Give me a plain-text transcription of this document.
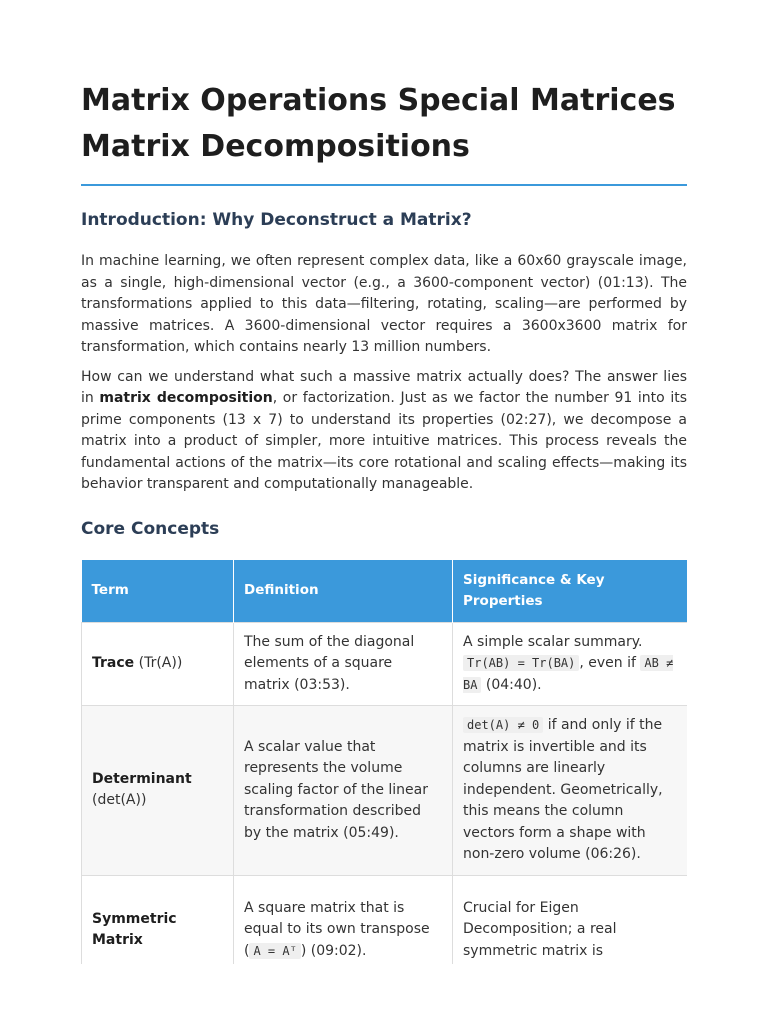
Matrix Operations Special Matrices Matrix Decompositions
Introduction: Why Deconstruct a Matrix?

In machine learning, we often represent complex data, like a 60x60 grayscale image, as a single, high-dimensional vector (e.g., a 3600-component vector) (01:13). The transformations applied to this data—filtering, rotating, scaling—are performed by massive matrices. A 3600-dimensional vector requires a 3600x3600 matrix for transformation, which contains nearly 13 million numbers.

How can we understand what such a massive matrix actually does? The answer lies in matrix decomposition, or factorization. Just as we factor the number 91 into its prime components (13 x 7) to understand its properties (02:27), we decompose a matrix into a product of simpler, more intuitive matrices. This process reveals the fundamental actions of the matrix—its core rotational and scaling effects—making its behavior transparent and computationally manageable.

Core Concepts
Term	Definition	Significance & Key Properties
Trace (Tr(A))	The sum of the diagonal elements of a square matrix (03:53).	A simple scalar summary. Tr(AB) = Tr(BA) , even if AB ≠ BA (04:40).
Determinant
(det(A))	A scalar value that represents the volume scaling factor of the linear transformation described by the matrix (05:49).	det(A) ≠ 0 if and only if the matrix is invertible and its columns are linearly independent. Geometrically, this means the column vectors form a shape with non-zero volume (06:26).
Symmetric Matrix	A square matrix that is equal to its own transpose ( A = Aᵀ ) (09:02).	Crucial for Eigen Decomposition; a real symmetric matrix is
